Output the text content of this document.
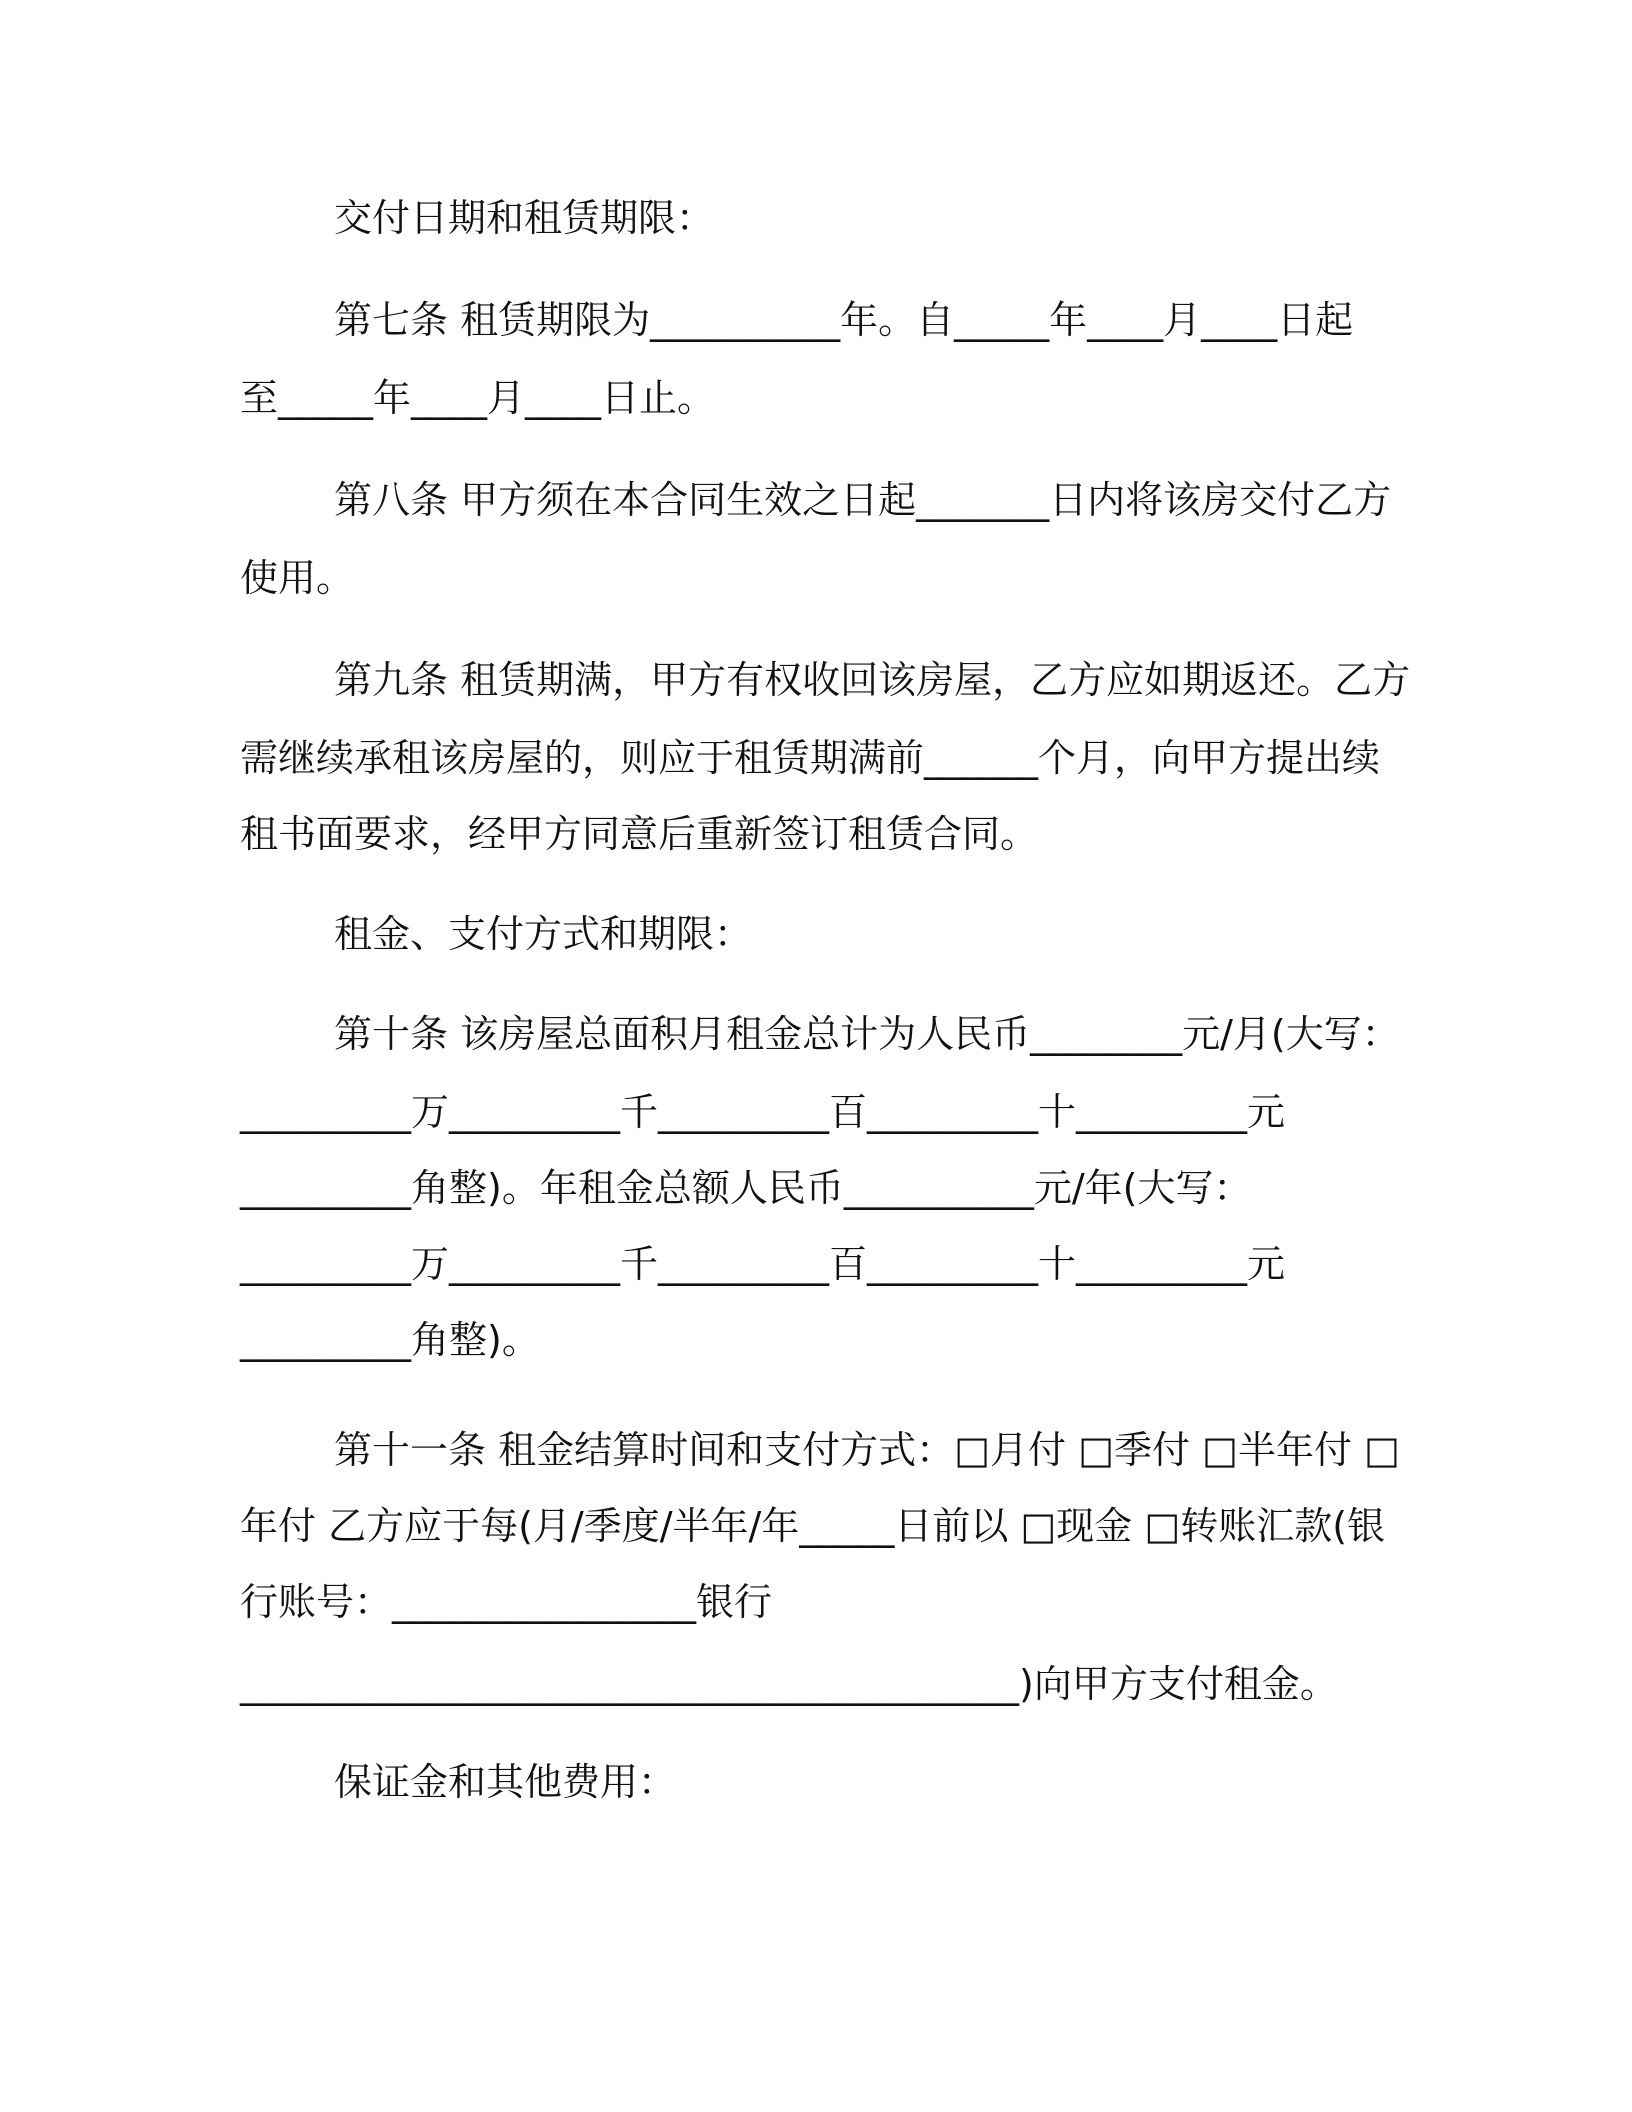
交付日期和租赁期限：
第七条 租赁期限为__________年。自_____年____月____日起
至_____年____月____日止。
第八条 甲方须在本合同生效之日起_______日内将该房交付乙方
使用。
第九条 租赁期满，甲方有权收回该房屋，乙方应如期返还。乙方
需继续承租该房屋的，则应于租赁期满前______个月，向甲方提出续
租书面要求，经甲方同意后重新签订租赁合同。
租金、支付方式和期限：
第十条 该房屋总面积月租金总计为人民币________元/月(大写：
_________万_________千_________百_________十_________元
_________角整)。年租金总额人民币__________元/年(大写：
_________万_________千_________百_________十_________元
_________角整)。
第十一条 租金结算时间和支付方式：□月付 □季付 □半年付 □
年付 乙方应于每(月/季度/半年/年_____日前以 □现金 □转账汇款(银
行账号：________________银行
_________________________________________)向甲方支付租金。
保证金和其他费用：
